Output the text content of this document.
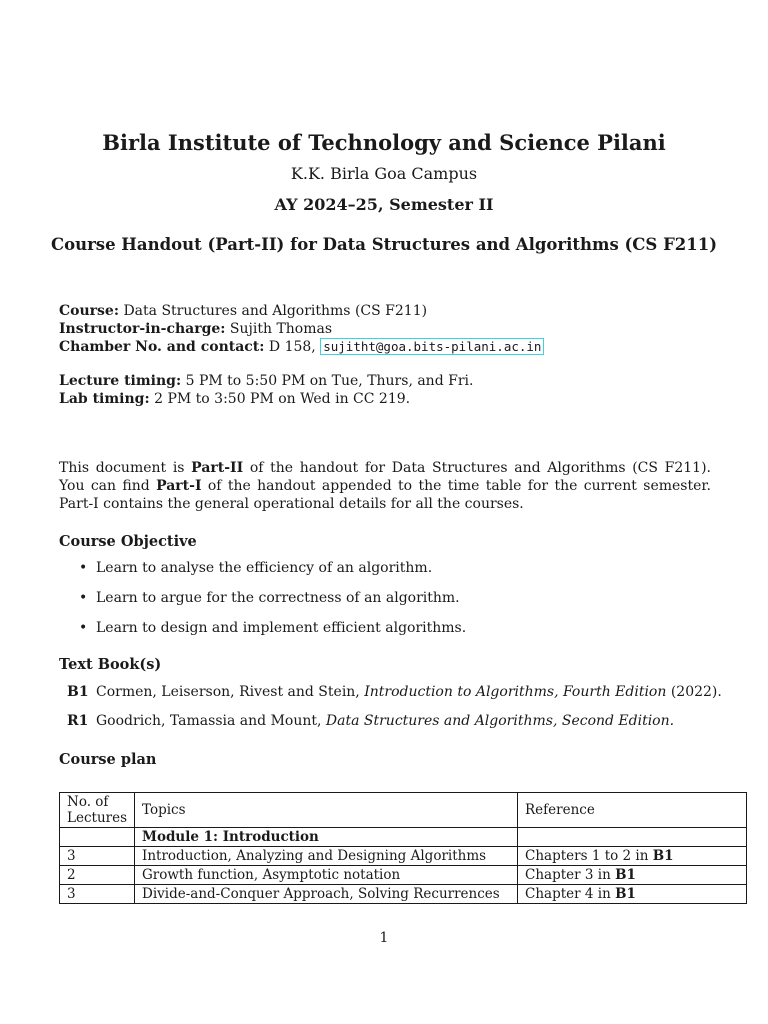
Birla Institute of Technology and Science Pilani
K.K. Birla Goa Campus
AY 2024–25, Semester II
Course Handout (Part-II) for Data Structures and Algorithms (CS F211)
Course: Data Structures and Algorithms (CS F211)
Instructor-in-charge: Sujith Thomas
Chamber No. and contact: D 158, sujitht@goa.bits-pilani.ac.in
Lecture timing: 5 PM to 5:50 PM on Tue, Thurs, and Fri.
Lab timing: 2 PM to 3:50 PM on Wed in CC 219.
This document is Part-II of the handout for Data Structures and Algorithms (CS F211). You can find Part-I of the handout appended to the time table for the current semester. Part-I contains the general operational details for all the courses.
Course Objective
• Learn to analyse the efficiency of an algorithm.
• Learn to argue for the correctness of an algorithm.
• Learn to design and implement efficient algorithms.
Text Book(s)
B1 Cormen, Leiserson, Rivest and Stein, Introduction to Algorithms, Fourth Edition (2022).
R1 Goodrich, Tamassia and Mount, Data Structures and Algorithms, Second Edition.
Course plan
No. of
Lectures	Topics	Reference
	Module 1: Introduction	
3	Introduction, Analyzing and Designing Algorithms	Chapters 1 to 2 in B1
2	Growth function, Asymptotic notation	Chapter 3 in B1
3	Divide-and-Conquer Approach, Solving Recurrences	Chapter 4 in B1
1
